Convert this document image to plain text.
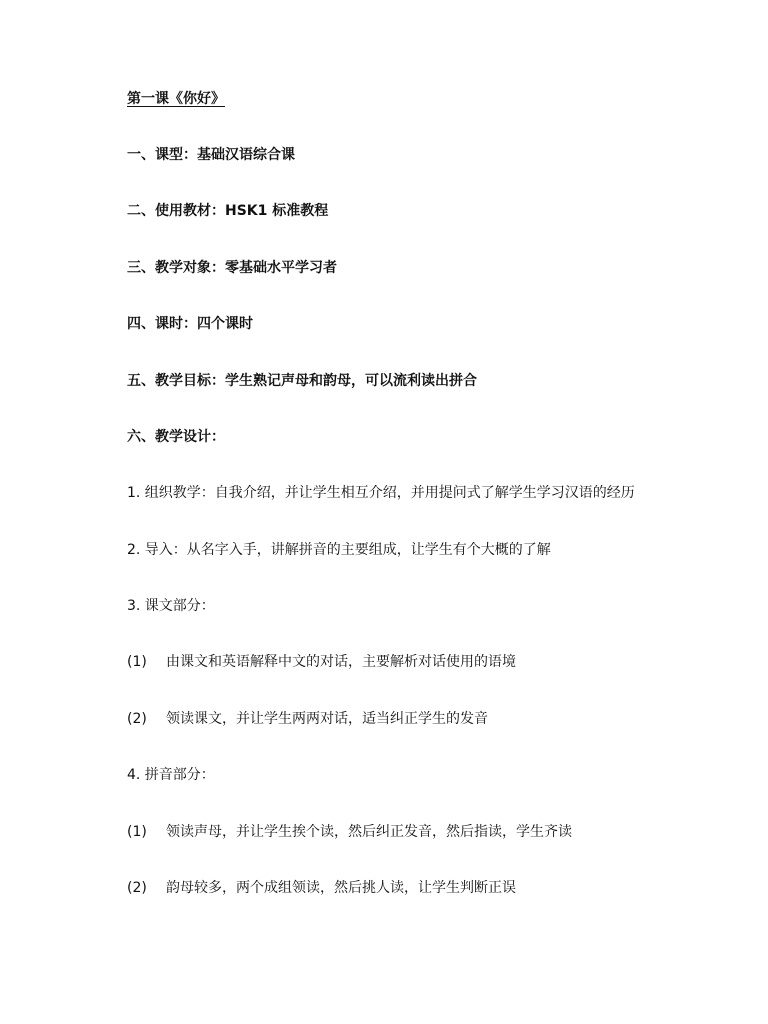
第一课《你好》
一、课型：基础汉语综合课
二、使用教材：HSK1 标准教程
三、教学对象：零基础水平学习者
四、课时：四个课时
五、教学目标：学生熟记声母和韵母，可以流利读出拼合
六、教学设计：
1. 组织教学：自我介绍，并让学生相互介绍，并用提问式了解学生学习汉语的经历
2. 导入：从名字入手，讲解拼音的主要组成，让学生有个大概的了解
3. 课文部分：
(1) 由课文和英语解释中文的对话，主要解析对话使用的语境
(2) 领读课文，并让学生两两对话，适当纠正学生的发音
4. 拼音部分：
(1) 领读声母，并让学生挨个读，然后纠正发音，然后指读，学生齐读
(2) 韵母较多，两个成组领读，然后挑人读，让学生判断正误
